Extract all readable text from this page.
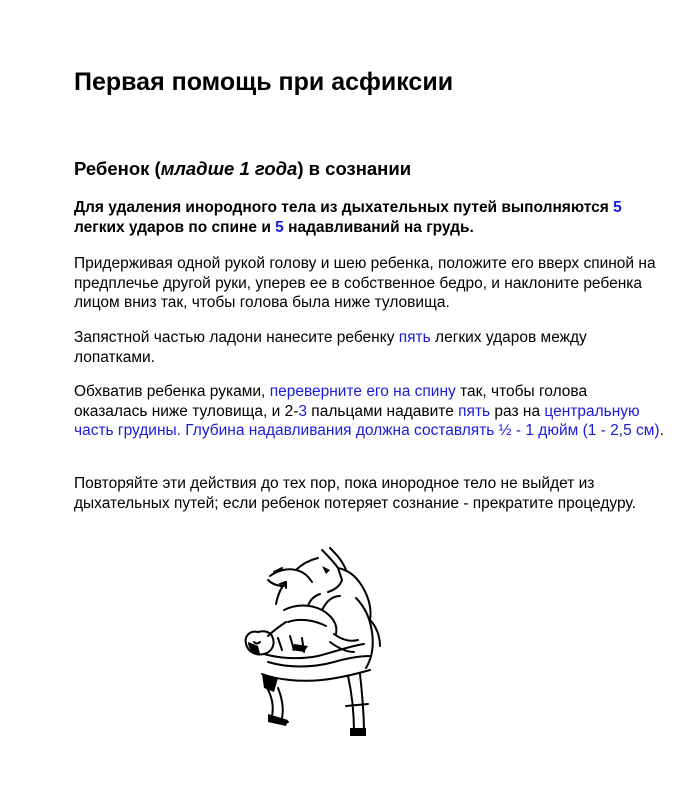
Первая помощь при асфиксии
Ребенок (младше 1 года) в сознании

Для удаления инородного тела из дыхательных путей выполняются 5 легких ударов по спине и 5 надавливаний на грудь.

Придерживая одной рукой голову и шею ребенка, положите его вверх спиной на предплечье другой руки, уперев ее в собственное бедро, и наклоните ребенка лицом вниз так, чтобы голова была ниже туловища.

Запястной частью ладони нанесите ребенку пять легких ударов между лопатками.

Обхватив ребенка руками, переверните его на спину так, чтобы голова оказалась ниже туловища, и 2-3 пальцами надавите пять раз на центральную часть грудины. Глубина надавливания должна составлять ½ - 1 дюйм (1 - 2,5 см).

Повторяйте эти действия до тех пор, пока инородное тело не выйдет из дыхательных путей; если ребенок потеряет сознание - прекратите процедуру.
